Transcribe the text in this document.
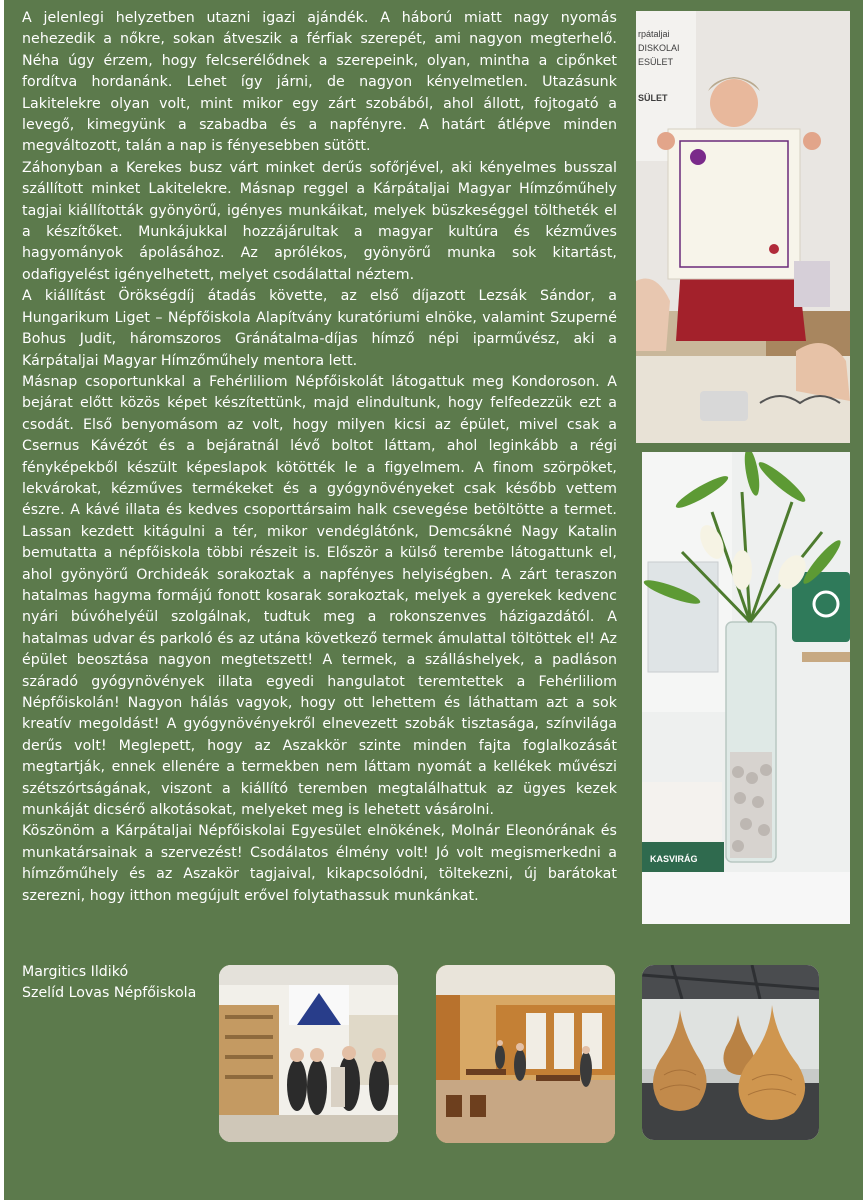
A jelenlegi helyzetben utazni igazi ajándék. A háború miatt nagy nyomás nehezedik a nőkre, sokan átveszik a férfiak szerepét, ami nagyon megterhelő. Néha úgy érzem, hogy felcserélődnek a szerepeink, olyan, mintha a cipőnket fordítva hordanánk. Lehet így járni, de nagyon kényelmetlen. Utazásunk Lakitelekre olyan volt, mint mikor egy zárt szobából, ahol állott, fojtogató a levegő, kimegyünk a szabadba és a napfényre. A határt átlépve minden megváltozott, talán a nap is fényesebben sütött.

Záhonyban a Kerekes busz várt minket derűs sofőrjével, aki kényelmes busszal szállított minket Lakitelekre. Másnap reggel a Kárpátaljai Magyar Hímzőműhely tagjai kiállították gyönyörű, igényes munkáikat, melyek büszkeséggel töltheték el a készítőket. Munkájukkal hozzájárultak a magyar kultúra és kézműves hagyományok ápolásához. Az aprólékos, gyönyörű munka sok kitartást, odafigyelést igényelhetett, melyet csodálattal néztem.

A kiállítást Örökségdíj átadás követte, az első díjazott Lezsák Sándor, a Hungarikum Liget – Népfőiskola Alapítvány kuratóriumi elnöke, valamint Szuperné Bohus Judit, háromszoros Gránátalma-díjas hímző népi iparművész, aki a Kárpátaljai Magyar Hímzőműhely mentora lett.

Másnap csoportunkkal a Fehérliliom Népfőiskolát látogattuk meg Kondoroson. A bejárat előtt közös képet készítettünk, majd elindultunk, hogy felfedezzük ezt a csodát. Első benyomásom az volt, hogy milyen kicsi az épület, mivel csak a Csernus Kávézót és a bejáratnál lévő boltot láttam, ahol leginkább a régi fényképekből készült képeslapok kötötték le a figyelmem. A finom szörpöket, lekvárokat, kézműves termékeket és a gyógynövényeket csak később vettem észre. A kávé illata és kedves csoporttársaim halk csevegése betöltötte a termet. Lassan kezdett kitágulni a tér, mikor vendéglátónk, Demcsákné Nagy Katalin bemutatta a népfőiskola többi részeit is. Először a külső terembe látogattunk el, ahol gyönyörű Orchideák sorakoztak a napfényes helyiségben. A zárt teraszon hatalmas hagyma formájú fonott kosarak sorakoztak, melyek a gyerekek kedvenc nyári búvóhelyéül szolgálnak, tudtuk meg a rokonszenves házigazdától. A hatalmas udvar és parkoló és az utána következő termek ámulattal töltöttek el! Az épület beosztása nagyon megtetszett! A termek, a szálláshelyek, a padláson száradó gyógynövények illata egyedi hangulatot teremtettek a Fehérliliom Népfőiskolán! Nagyon hálás vagyok, hogy ott lehettem és láthattam azt a sok kreatív megoldást! A gyógynövényekről elnevezett szobák tisztasága, színvilága derűs volt! Meglepett, hogy az Aszakkör szinte minden fajta foglalkozását megtartják, ennek ellenére a termekben nem láttam nyomát a kellékek művészi szétszórtságának, viszont a kiállító teremben megtalálhattuk az ügyes kezek munkáját dicsérő alkotásokat, melyeket meg is lehetett vásárolni.

Köszönöm a Kárpátaljai Népfőiskolai Egyesület elnökének, Molnár Eleonórának és munkatársainak a szervezést! Csodálatos élmény volt! Jó volt megismerkedni a hímzőműhely és az Aszakör tagjaival, kikapcsolódni, töltekezni, új barátokat szerezni, hogy itthon megújult erővel folytathassuk munkánkat.

Margitics Ildikó
Szelíd Lovas Népfőiskola
rpátaljai
DISKOLAI
ESÜLET
SÜLET
KASVIRÁG
